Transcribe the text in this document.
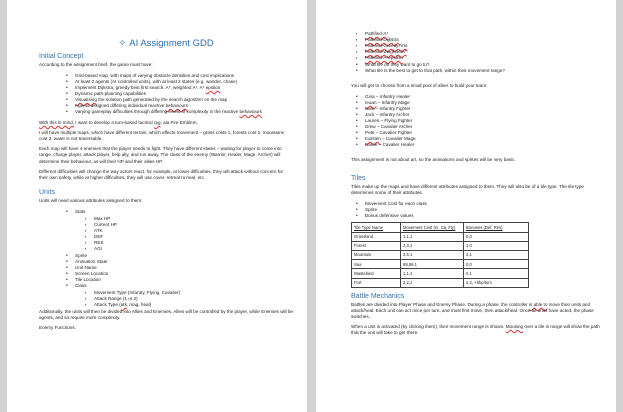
✧ AI Assignment GDD
Initial Concept

According to the assignment brief, the game must have:

• Grid-based map, with maps of varying obstacle densities and cost implications
• At least 2 agents (AI controlled units), with at least 2 states (e.g. wander, chase)
• Implement Dijkstra, greedy best first search, A*, weighted A*, A* epsilon
• Dynamic path-planning capabilities
• Visualising the solution path generated by the search algorithm on the map
• Agents assigned differing individual reactive behaviours
• Varying gameplay difficulties through differing levels of complexity in the reactive behaviours

With this in mind, I want to develop a turn-based tactical rpg, ala Fire Emblem.

I will have multiple maps, which have different terrain, which effects movement – grass costs 1, forests cost 2, mountains cost 3, water is not traversable.

Each map will have 4 enemies that the player needs to fight. They have different states – waiting for player to come into range, charge player, attack player, help ally, and run away. The class of the enemy (Warrior, Healer, Mage, Archer) will determine their behaviour, as will their HP and their allies HP.

Different difficulties will change the way actors react, for example, at lower difficulties, they will attack without concern for their own safety, while at higher difficulties, they will use cover, retreat to heal, etc.

Units

Units will need various attributes assigned to them:

• Stats
▪ Max HP
▪ Current HP
▪ ATK
▪ DEF
▪ RES
▪ AGI
• Sprite
• Animation State
• Unit Name
• Screen Location
• Tile Location
• Class
▪ Movement Type (Infantry, Flying, Cavalier)
▪ Attack Range (1 or 2)
▪ Attack Type (atk, mag, heal)

Additionally, the units will then be divided into Allies and Enemies. Allies will be controlled by the player, while Enemies will be agents, and so require more complexity.

Enemy Functions:

▪ Pathfind-A*
▪ Pathfind-Dijkstra
▪ Pathfind-GreedyFirst
▪ Pathfind-weightedA*
▪ Pathfind-A*epsilon
• What tile do they want to go to?
• What tile is the best to get to that path, within their movement range?

You will get to choose from a small pool of allies to build your team:

• Gina – Infantry Healer
• Ieuan – Infantry Mage
• Sam – Infantry Fighter
• Jack – Infantry Archer
• Lauren – Flying Fighter
• Drew – Cavalier Archer
• Pete – Cavalier Fighter
• Karsten – Cavalier Mage
• Carrie – Cavalier Healer

This assignment is not about art, so the animations and sprites will be very basic.

Tiles

Tiles make up the maps and have different attributes assigned to them. They will also be of a tile type. The tile type determines some of their attributes.

• Movement Cost for each class
• Sprite
• Bonus defensive values
Tile Type Name	Movement Cost (In, Ca, Fly)	Bonuses (Def, Res)
Grassland	1,1,1	0,0
Forest	2,3,1	1,0
Mountain	3,5,1	2,1
Sea	99,99,1	0,0
Wasteland	1,1,1	0,1
Fort	2,2,1	2,2, +5hp/turn
Battle Mechanics

Battles are divided into Player Phase and Enemy Phase. During a phase, the controller is able to move their units and attack/heal. Each unit can act once per turn, and must first move, then attack/heal. Once all units have acted, the phase switches.

When a unit is activated (by clicking them), their movement range is shown. Mousing over a tile in range will show the path that the unit will take to get there.
